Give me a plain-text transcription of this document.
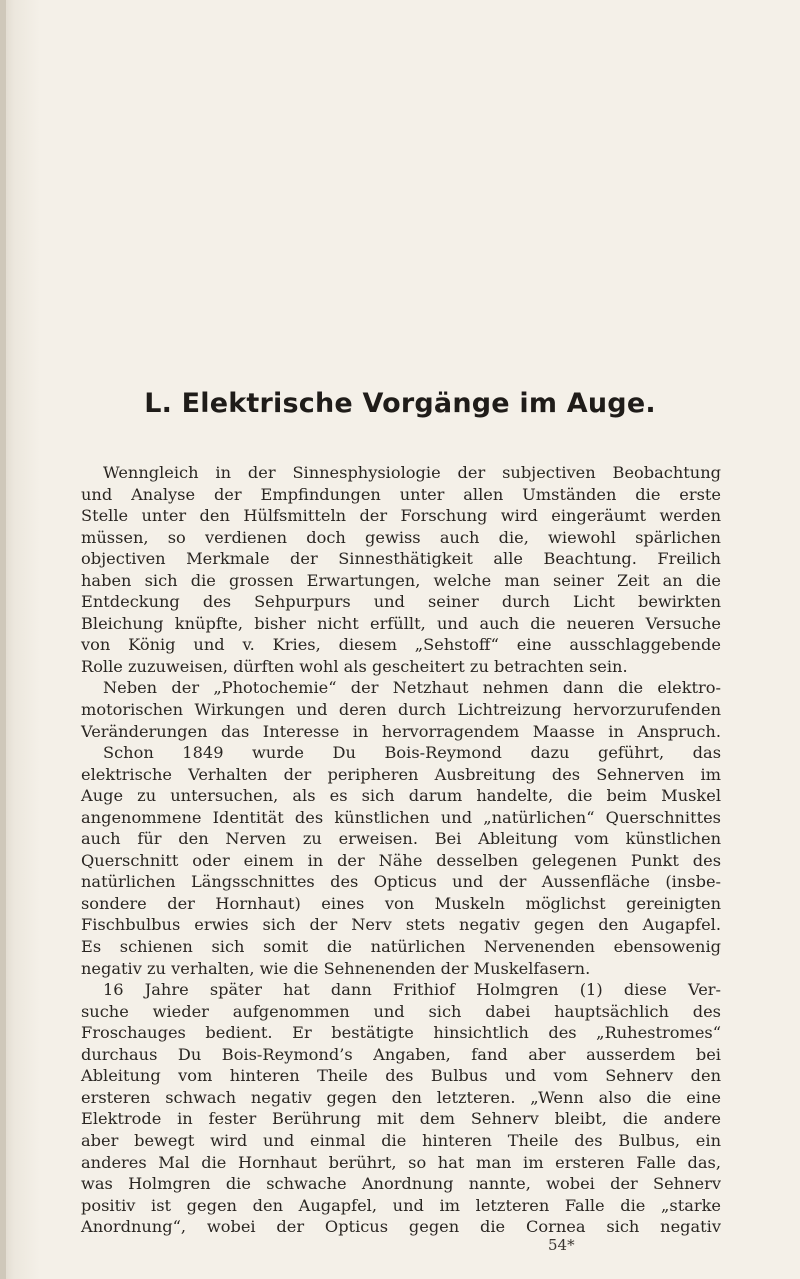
L. Elektrische Vorgänge im Auge.
Wenngleich in der Sinnesphysiologie der subjectiven Beobachtung
und Analyse der Empfindungen unter allen Umständen die erste
Stelle unter den Hülfsmitteln der Forschung wird eingeräumt werden
müssen, so verdienen doch gewiss auch die, wiewohl spärlichen
objectiven Merkmale der Sinnesthätigkeit alle Beachtung. Freilich
haben sich die grossen Erwartungen, welche man seiner Zeit an die
Entdeckung des Sehpurpurs und seiner durch Licht bewirkten
Bleichung knüpfte, bisher nicht erfüllt, und auch die neueren Versuche
von König und v. Kries, diesem „Sehstoff“ eine ausschlaggebende
Rolle zuzuweisen, dürften wohl als gescheitert zu betrachten sein.
Neben der „Photochemie“ der Netzhaut nehmen dann die elektro-
motorischen Wirkungen und deren durch Lichtreizung hervorzurufenden
Veränderungen das Interesse in hervorragendem Maasse in Anspruch.
Schon 1849 wurde Du Bois-Reymond dazu geführt, das
elektrische Verhalten der peripheren Ausbreitung des Sehnerven im
Auge zu untersuchen, als es sich darum handelte, die beim Muskel
angenommene Identität des künstlichen und „natürlichen“ Querschnittes
auch für den Nerven zu erweisen. Bei Ableitung vom künstlichen
Querschnitt oder einem in der Nähe desselben gelegenen Punkt des
natürlichen Längsschnittes des Opticus und der Aussenfläche (insbe-
sondere der Hornhaut) eines von Muskeln möglichst gereinigten
Fischbulbus erwies sich der Nerv stets negativ gegen den Augapfel.
Es schienen sich somit die natürlichen Nervenenden ebensowenig
negativ zu verhalten, wie die Sehnenenden der Muskelfasern.
16 Jahre später hat dann Frithiof Holmgren (1) diese Ver-
suche wieder aufgenommen und sich dabei hauptsächlich des
Froschauges bedient. Er bestätigte hinsichtlich des „Ruhestromes“
durchaus Du Bois-Reymond’s Angaben, fand aber ausserdem bei
Ableitung vom hinteren Theile des Bulbus und vom Sehnerv den
ersteren schwach negativ gegen den letzteren. „Wenn also die eine
Elektrode in fester Berührung mit dem Sehnerv bleibt, die andere
aber bewegt wird und einmal die hinteren Theile des Bulbus, ein
anderes Mal die Hornhaut berührt, so hat man im ersteren Falle das,
was Holmgren die schwache Anordnung nannte, wobei der Sehnerv
positiv ist gegen den Augapfel, und im letzteren Falle die „starke
Anordnung“, wobei der Opticus gegen die Cornea sich negativ
54*
